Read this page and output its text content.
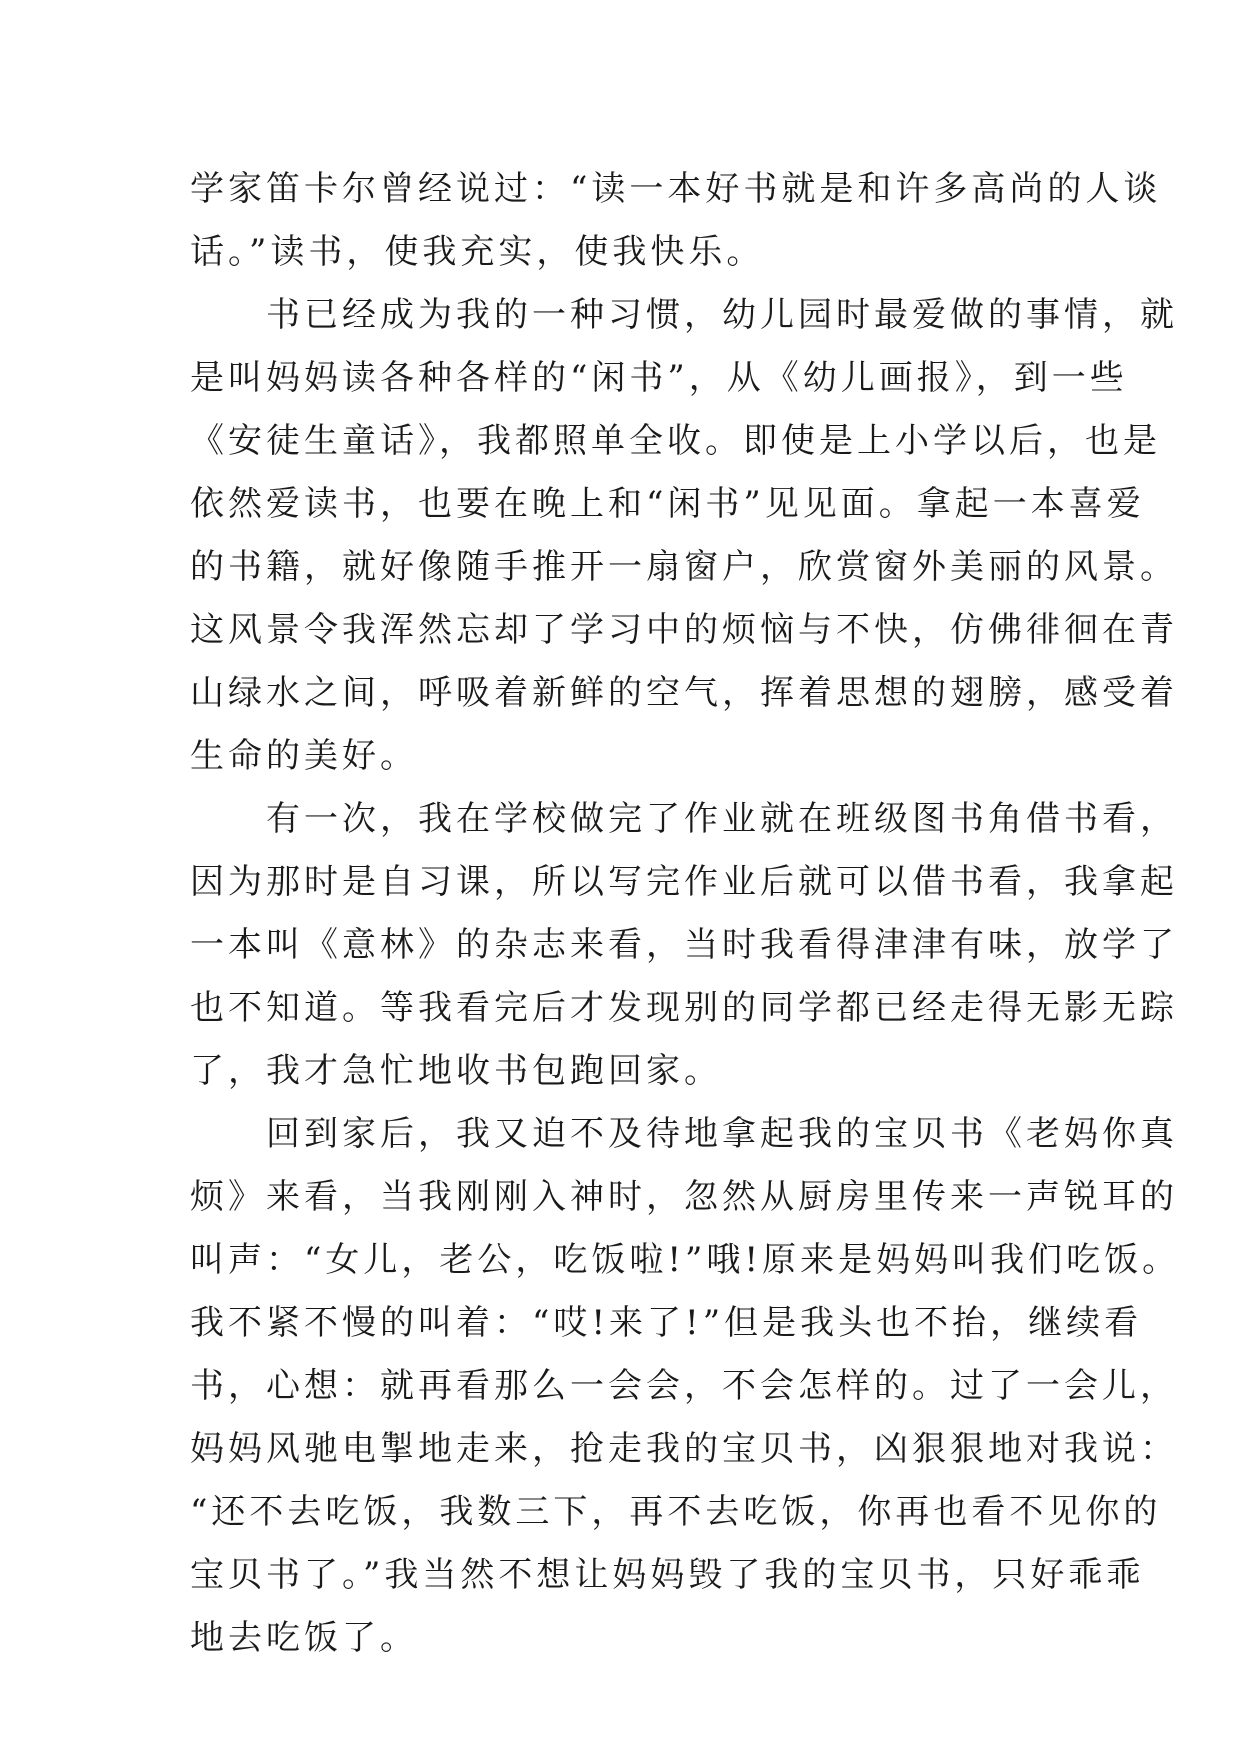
学家笛卡尔曾经说过：“读一本好书就是和许多高尚的人谈
话。”读书，使我充实，使我快乐。
书已经成为我的一种习惯，幼儿园时最爱做的事情，就
是叫妈妈读各种各样的“闲书”，从《幼儿画报》，到一些
《安徒生童话》，我都照单全收。即使是上小学以后，也是
依然爱读书，也要在晚上和“闲书”见见面。拿起一本喜爱
的书籍，就好像随手推开一扇窗户，欣赏窗外美丽的风景。
这风景令我浑然忘却了学习中的烦恼与不快，仿佛徘徊在青
山绿水之间，呼吸着新鲜的空气，挥着思想的翅膀，感受着
生命的美好。
有一次，我在学校做完了作业就在班级图书角借书看，
因为那时是自习课，所以写完作业后就可以借书看，我拿起
一本叫《意林》的杂志来看，当时我看得津津有味，放学了
也不知道。等我看完后才发现别的同学都已经走得无影无踪
了，我才急忙地收书包跑回家。
回到家后，我又迫不及待地拿起我的宝贝书《老妈你真
烦》来看，当我刚刚入神时，忽然从厨房里传来一声锐耳的
叫声：“女儿，老公，吃饭啦!”哦!原来是妈妈叫我们吃饭。
我不紧不慢的叫着：“哎!来了!”但是我头也不抬，继续看
书，心想：就再看那么一会会，不会怎样的。过了一会儿，
妈妈风驰电掣地走来，抢走我的宝贝书，凶狠狠地对我说：
“还不去吃饭，我数三下，再不去吃饭，你再也看不见你的
宝贝书了。”我当然不想让妈妈毁了我的宝贝书，只好乖乖
地去吃饭了。
